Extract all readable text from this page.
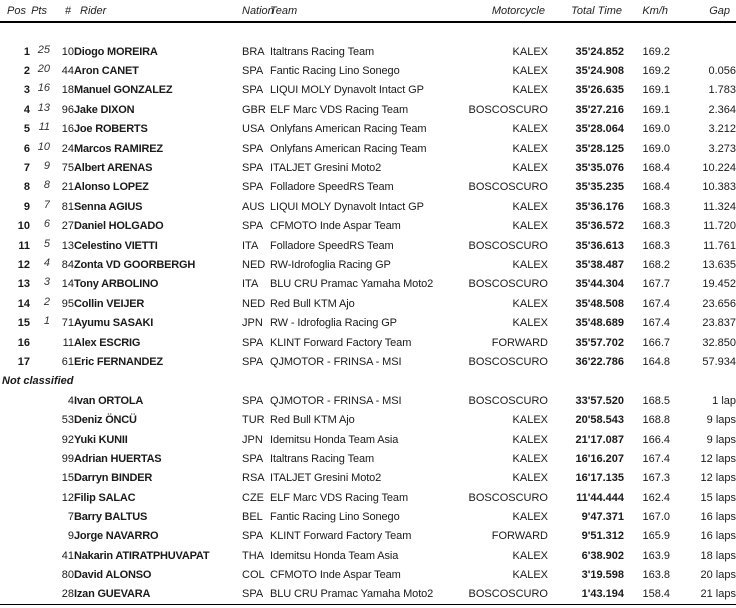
Pos	Pts	#	Rider	Nation	Team	Motorcycle	Total Time	Km/h	Gap

1	25	10	Diogo MOREIRA	BRA	Italtrans Racing Team	KALEX	35'24.852	169.2	
2	20	44	Aron CANET	SPA	Fantic Racing Lino Sonego	KALEX	35'24.908	169.2	0.056
3	16	18	Manuel GONZALEZ	SPA	LIQUI MOLY Dynavolt Intact GP	KALEX	35'26.635	169.1	1.783
4	13	96	Jake DIXON	GBR	ELF Marc VDS Racing Team	BOSCOSCURO	35'27.216	169.1	2.364
5	11	16	Joe ROBERTS	USA	Onlyfans American Racing Team	KALEX	35'28.064	169.0	3.212
6	10	24	Marcos RAMIREZ	SPA	Onlyfans American Racing Team	KALEX	35'28.125	169.0	3.273
7	9	75	Albert ARENAS	SPA	ITALJET Gresini Moto2	KALEX	35'35.076	168.4	10.224
8	8	21	Alonso LOPEZ	SPA	Folladore SpeedRS Team	BOSCOSCURO	35'35.235	168.4	10.383
9	7	81	Senna AGIUS	AUS	LIQUI MOLY Dynavolt Intact GP	KALEX	35'36.176	168.3	11.324
10	6	27	Daniel HOLGADO	SPA	CFMOTO Inde Aspar Team	KALEX	35'36.572	168.3	11.720
11	5	13	Celestino VIETTI	ITA	Folladore SpeedRS Team	BOSCOSCURO	35'36.613	168.3	11.761
12	4	84	Zonta VD GOORBERGH	NED	RW-Idrofoglia Racing GP	KALEX	35'38.487	168.2	13.635
13	3	14	Tony ARBOLINO	ITA	BLU CRU Pramac Yamaha Moto2	BOSCOSCURO	35'44.304	167.7	19.452
14	2	95	Collin VEIJER	NED	Red Bull KTM Ajo	KALEX	35'48.508	167.4	23.656
15	1	71	Ayumu SASAKI	JPN	RW - Idrofoglia Racing GP	KALEX	35'48.689	167.4	23.837
16		11	Alex ESCRIG	SPA	KLINT Forward Factory Team	FORWARD	35'57.702	166.7	32.850
17		61	Eric FERNANDEZ	SPA	QJMOTOR - FRINSA - MSI	BOSCOSCURO	36'22.786	164.8	57.934
Not classified									
		4	Ivan ORTOLA	SPA	QJMOTOR - FRINSA - MSI	BOSCOSCURO	33'57.520	168.5	1 lap
		53	Deniz ÖNCÜ	TUR	Red Bull KTM Ajo	KALEX	20'58.543	168.8	9 laps
		92	Yuki KUNII	JPN	Idemitsu Honda Team Asia	KALEX	21'17.087	166.4	9 laps
		99	Adrian HUERTAS	SPA	Italtrans Racing Team	KALEX	16'16.207	167.4	12 laps
		15	Darryn BINDER	RSA	ITALJET Gresini Moto2	KALEX	16'17.135	167.3	12 laps
		12	Filip SALAC	CZE	ELF Marc VDS Racing Team	BOSCOSCURO	11'44.444	162.4	15 laps
		7	Barry BALTUS	BEL	Fantic Racing Lino Sonego	KALEX	9'47.371	167.0	16 laps
		9	Jorge NAVARRO	SPA	KLINT Forward Factory Team	FORWARD	9'51.312	165.9	16 laps
		41	Nakarin ATIRATPHUVAPAT	THA	Idemitsu Honda Team Asia	KALEX	6'38.902	163.9	18 laps
		80	David ALONSO	COL	CFMOTO Inde Aspar Team	KALEX	3'19.598	163.8	20 laps
		28	Izan GUEVARA	SPA	BLU CRU Pramac Yamaha Moto2	BOSCOSCURO	1'43.194	158.4	21 laps
